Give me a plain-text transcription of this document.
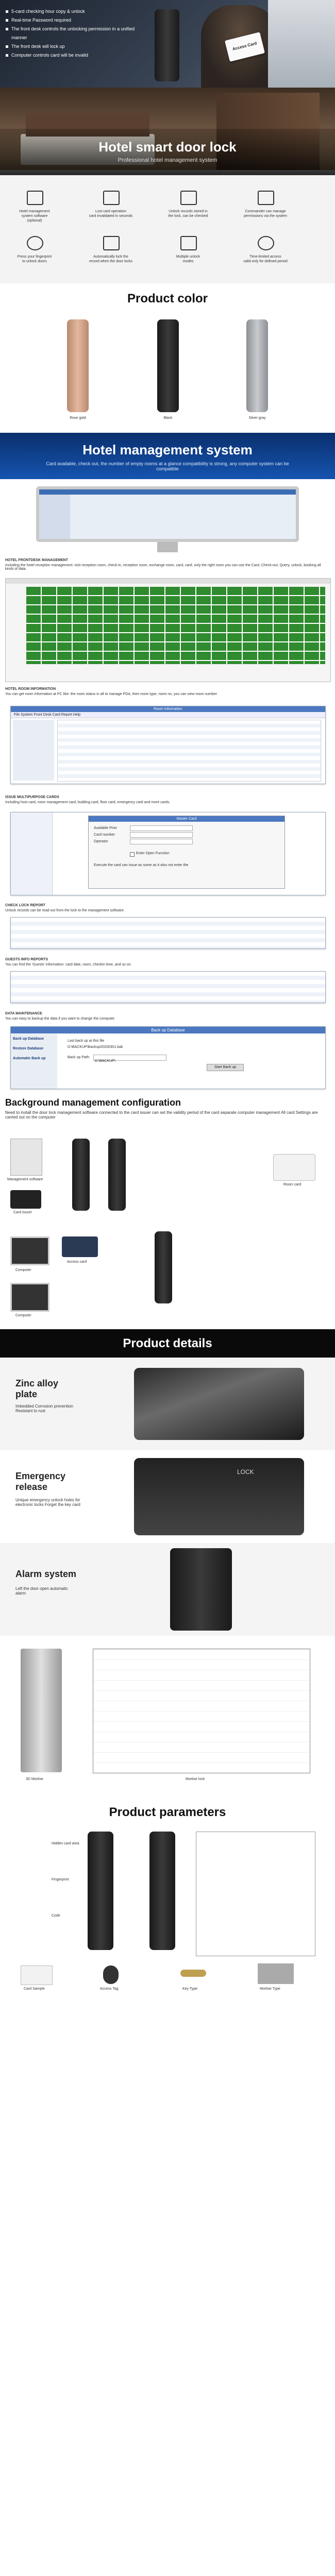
Access Card
5-card checking hour copy & unlock
Real-time Password required
The front desk controls the unlocking permission in a unified manner
The front desk will lock up
Computer controls card will be invalid
Hotel smart door lock
Professional hotel management system
Hotel management
system software
(optional)
Lost card operation
card invalidated in seconds
Unlock records stored in
the lock, can be checked
Commander can manage
permissions via the system
Press your fingerprint
to unlock doors
Automatically lock the
record when the door locks
Multiple unlock
modes
Time-limited access
valid only for defined period
Product color
Rose gold	Black	Silver gray
Hotel management system
Card available, check out, the number of empty rooms at a glance compatibility is strong, any computer system can be compatible
HOTEL FRONTDESK MANAGEMENT
Including the hotel reception management: visit reception room, check-in, reception room, exchange room, card, card, only the right room you can use the Card, Check-out, Query, unlock, booking all kinds of data.
HOTEL ROOM INFORMATION
You can get room information at PC like: the room status in all to manage PDA, then room type, room no, you can view room number
Room Information
File System Front Desk Card Report Help
ISSUE MULTIPURPOSE CARDS
Including host card, room management card, building card, floor card, emergency card and more cards.
Master Card
Available Prior
Card number
Operator
Enter Open Function
Execute the card can issue as some as it also not enter the
CHECK LOCK REPORT
Unlock records can be read out from the lock to the management software.
GUESTS INFO REPORTS
You can find the 'Guests' information: card date, room, checkin time, and so on.
DATA MAINTENANCE
You can easy to backup the data if you want to change the computer.
Back up Database
Back up Database
Restore Database
Automatic Back up
Last back up at this file
D:\BACKUP\Backup20200301.bak
Back up Path:
D:\BACKUP\
Start Back up
Background management configuration
Need to install the door lock management software connected to the card issuer can set the validity period of the card separate computer management All card Settings are carried out on the computer
Management software
Card issuer
Room card
Computer
Access card
Computer
Product details
Zinc alloy plate
Imbedded Corrosion prevention Resistant to rust
Emergency release
Unique emergency unlock holes for electronic locks Forget the key card
LOCK
Alarm system
Left the door open automatic alarm
3D Mortise	Mortise lock
Product parameters
Hidden card area
Fingerprint
Code
Card Sample	Access Tag	Key Type	Mortise Type
